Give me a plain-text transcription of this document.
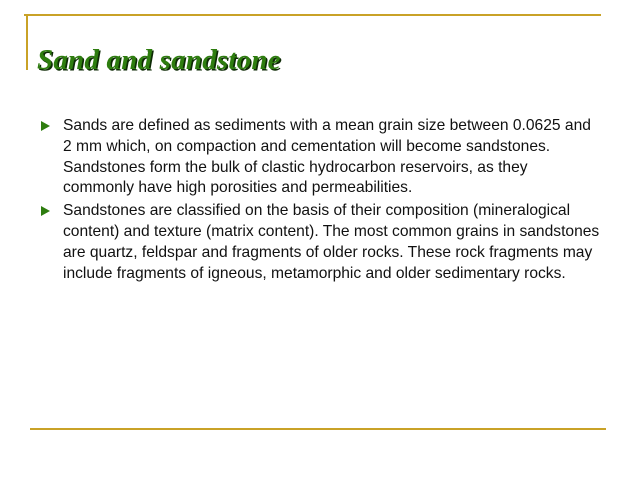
Sand and sandstone
Sands are defined as sediments with a mean grain size between 0.0625 and 2 mm which, on compaction and cementation will become sandstones. Sandstones form the bulk of clastic hydrocarbon reservoirs, as they commonly have high porosities and permeabilities.
Sandstones are classified on the basis of their composition (mineralogical content) and texture (matrix content). The most common grains in sandstones are quartz, feldspar and fragments of older rocks. These rock fragments may include fragments of igneous, metamorphic and older sedimentary rocks.
